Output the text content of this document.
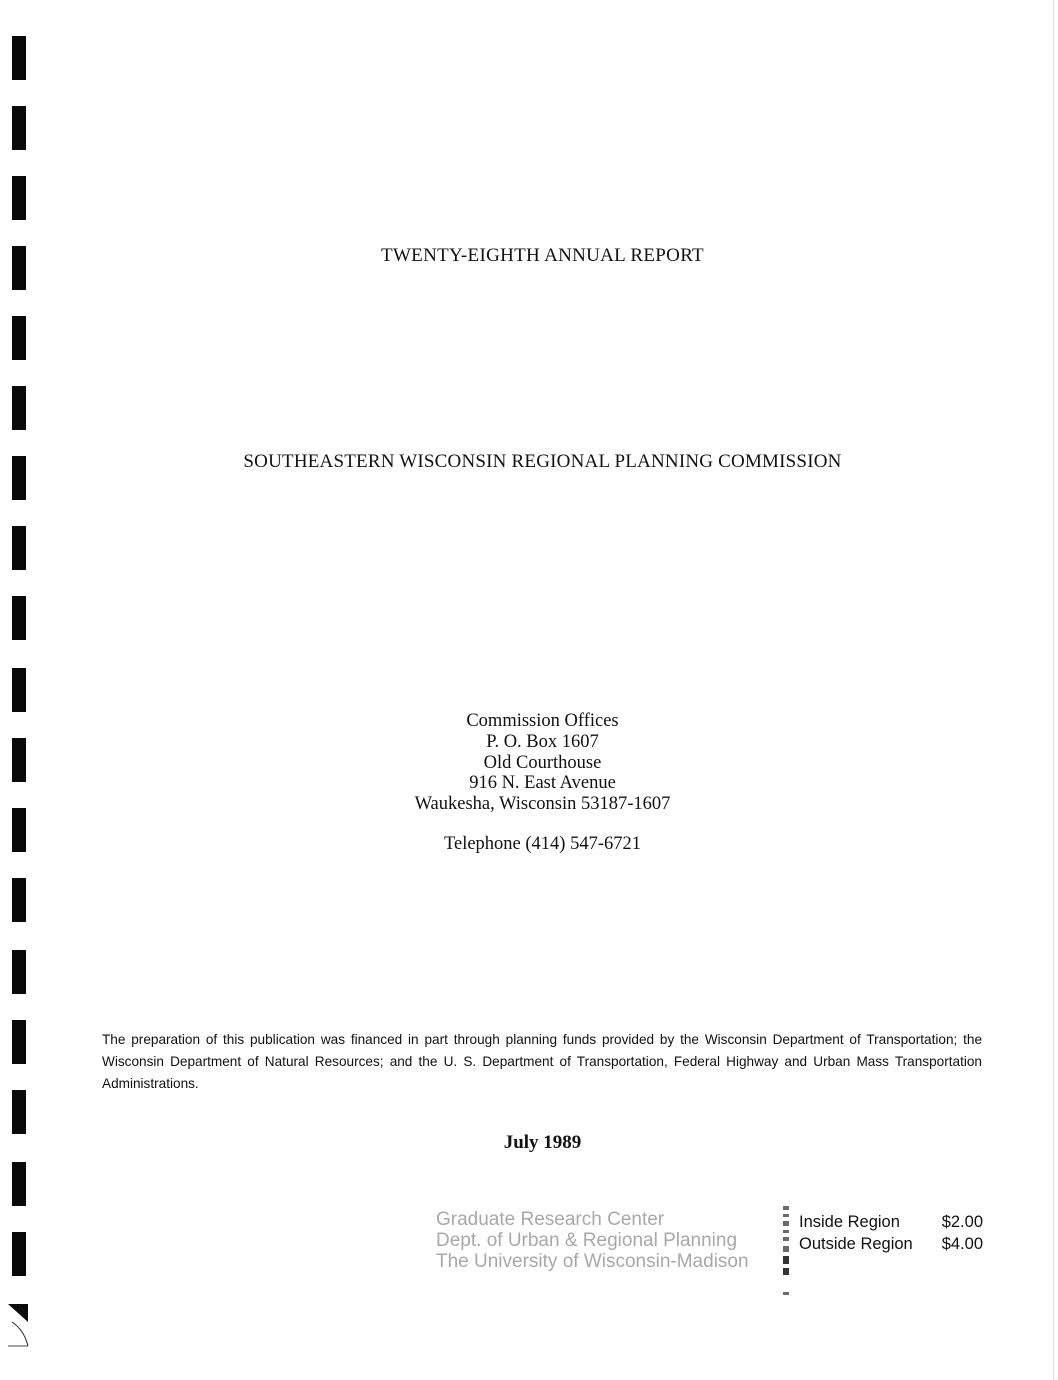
TWENTY-EIGHTH ANNUAL REPORT
SOUTHEASTERN WISCONSIN REGIONAL PLANNING COMMISSION
Commission Offices
P. O. Box 1607
Old Courthouse
916 N. East Avenue
Waukesha, Wisconsin 53187-1607
Telephone (414) 547-6721
The preparation of this publication was financed in part through planning funds provided by the Wisconsin Department of Transportation; the Wisconsin Department of Natural Resources; and the U. S. Department of Transportation, Federal Highway and Urban Mass Transportation Administrations.
July 1989
Graduate Research Center
Dept. of Urban & Regional Planning
The University of Wisconsin-Madison
Inside Region	$2.00
Outside Region $4.00
